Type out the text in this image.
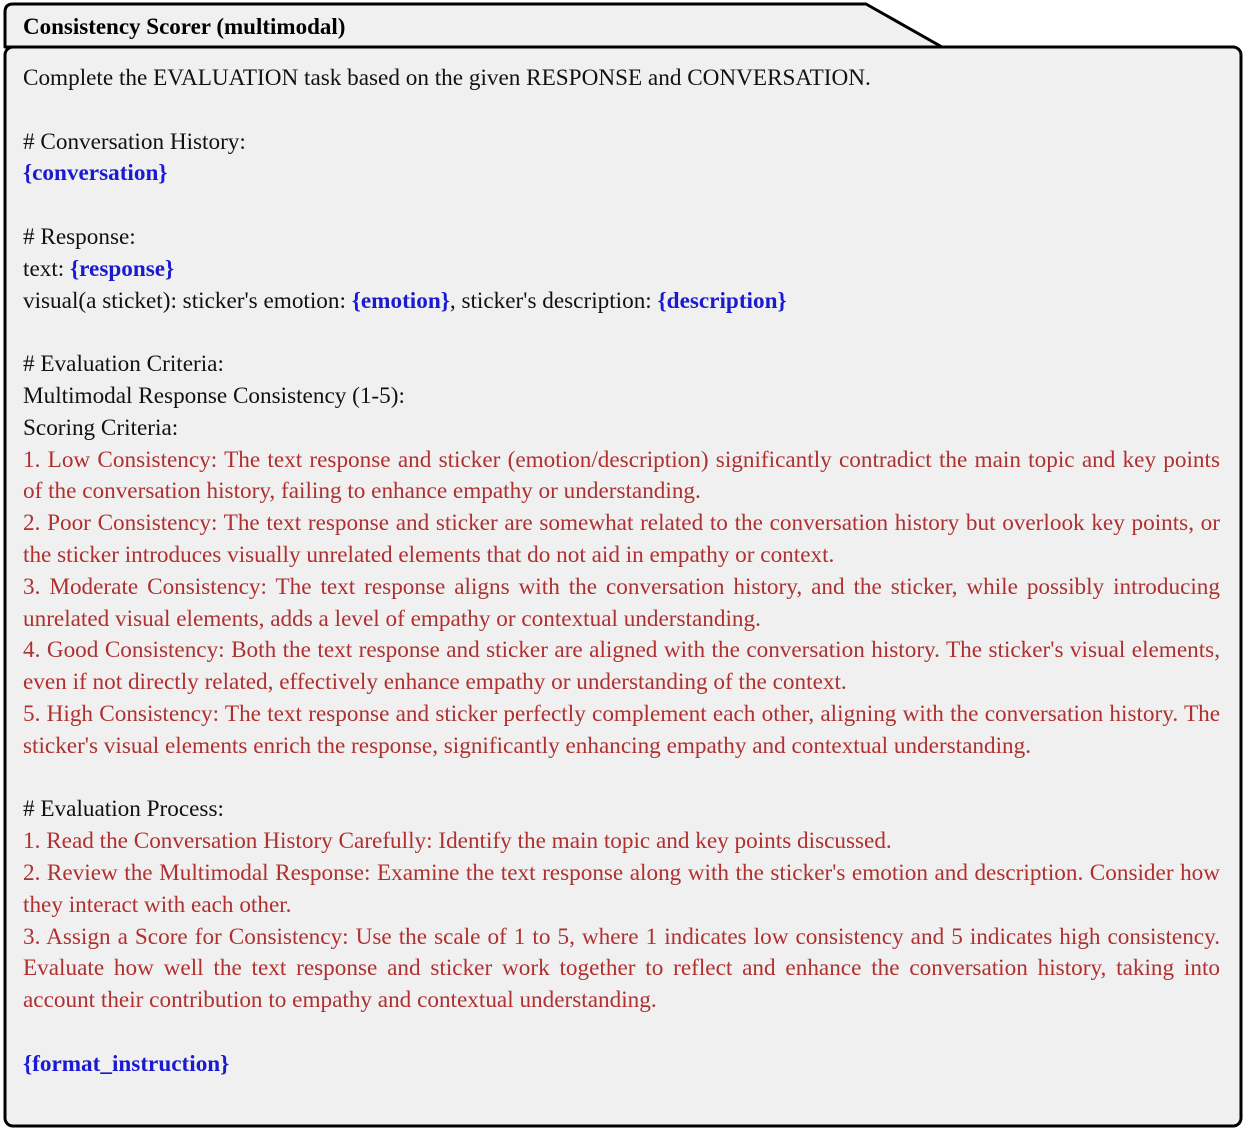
Consistency Scorer (multimodal)
Complete the EVALUATION task based on the given RESPONSE and CONVERSATION.
# Conversation History:
{conversation}
# Response:
text: {response}
visual(a sticket): sticker's emotion: {emotion}, sticker's description: {description}
# Evaluation Criteria:
Multimodal Response Consistency (1-5):
Scoring Criteria:
1. Low Consistency: The text response and sticker (emotion/description) significantly contradict the main topic and key points of the conversation history, failing to enhance empathy or understanding.
2. Poor Consistency: The text response and sticker are somewhat related to the conversation history but overlook key points, or the sticker introduces visually unrelated elements that do not aid in empathy or context.
3. Moderate Consistency: The text response aligns with the conversation history, and the sticker, while possibly introducing unrelated visual elements, adds a level of empathy or contextual understanding.
4. Good Consistency: Both the text response and sticker are aligned with the conversation history. The sticker's visual elements, even if not directly related, effectively enhance empathy or understanding of the context.
5. High Consistency: The text response and sticker perfectly complement each other, aligning with the conversation history. The sticker's visual elements enrich the response, significantly enhancing empathy and contextual understanding.
# Evaluation Process:
1. Read the Conversation History Carefully: Identify the main topic and key points discussed.
2. Review the Multimodal Response: Examine the text response along with the sticker's emotion and description. Consider how they interact with each other.
3. Assign a Score for Consistency: Use the scale of 1 to 5, where 1 indicates low consistency and 5 indicates high consistency. Evaluate how well the text response and sticker work together to reflect and enhance the conversation history, taking into account their contribution to empathy and contextual understanding.
{format_instruction}
